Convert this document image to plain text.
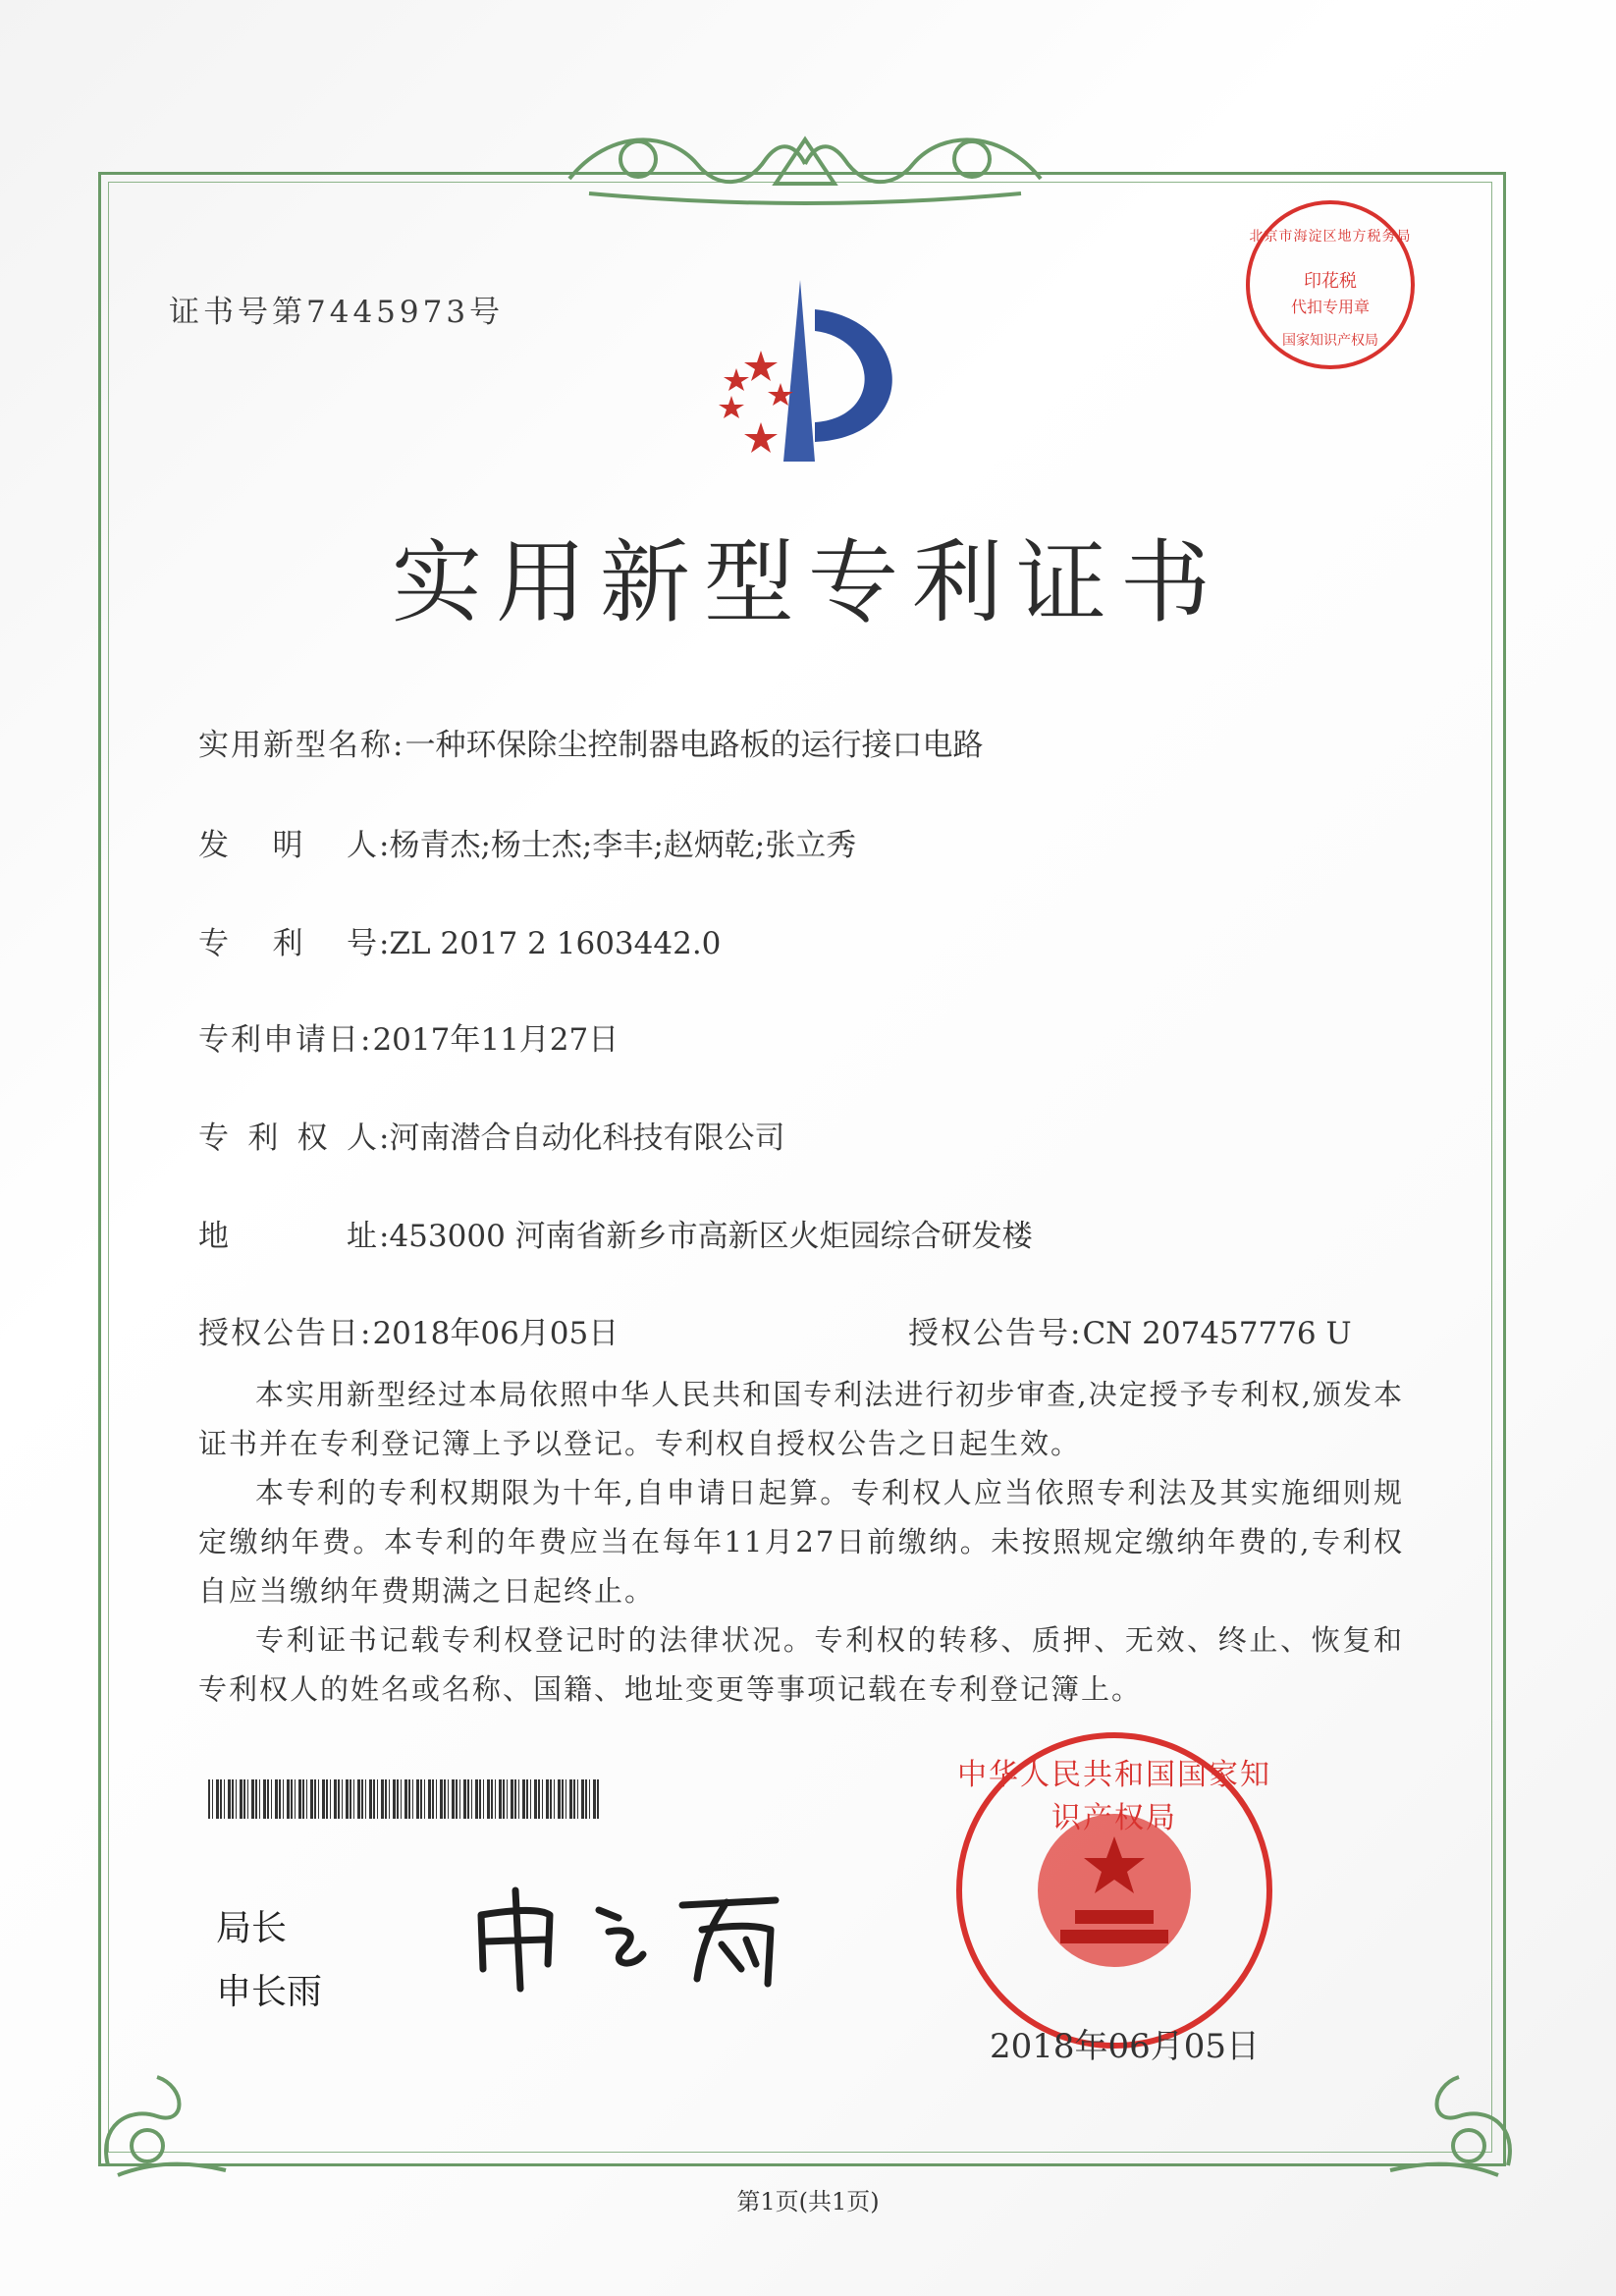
证书号第7445973号
北京市海淀区地方税务局
印花税
代扣专用章
国家知识产权局
实用新型专利证书
实用新型名称:一种环保除尘控制器电路板的运行接口电路
发 明 人 :杨青杰;杨士杰;李丰;赵炳乾;张立秀
专 利 号 :ZL 2017 2 1603442.0
专利申请日:2017年11月27日
专 利 权 人 :河南潜合自动化科技有限公司
地	址 :453000 河南省新乡市高新区火炬园综合研发楼
授权公告日:2018年06月05日	授权公告号:CN 207457776 U

本实用新型经过本局依照中华人民共和国专利法进行初步审查,决定授予专利权,颁发本证书并在专利登记簿上予以登记。专利权自授权公告之日起生效。

本专利的专利权期限为十年,自申请日起算。专利权人应当依照专利法及其实施细则规定缴纳年费。本专利的年费应当在每年11月27日前缴纳。未按照规定缴纳年费的,专利权自应当缴纳年费期满之日起终止。

专利证书记载专利权登记时的法律状况。专利权的转移、质押、无效、终止、恢复和专利权人的姓名或名称、国籍、地址变更等事项记载在专利登记簿上。

局长
申长雨
中华人民共和国国家知识产权局
2018年06月05日
第1页(共1页)
